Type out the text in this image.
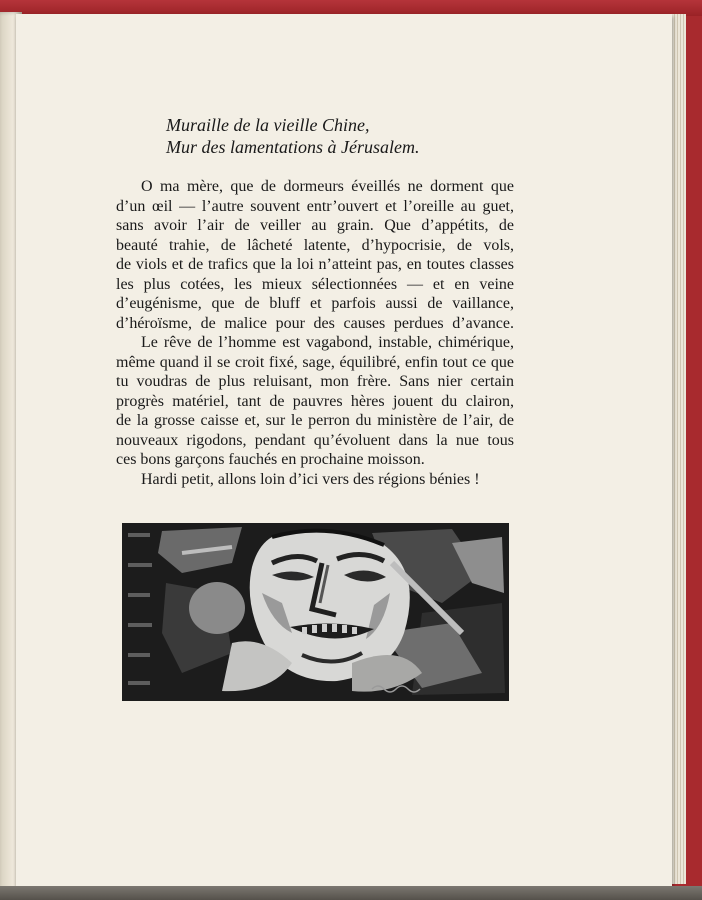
Muraille de la vieille Chine,
Mur des lamentations à Jérusalem.
O ma mère, que de dormeurs éveillés ne dorment que
d’un œil — l’autre souvent entr’ouvert et l’oreille au guet,
sans avoir l’air de veiller au grain. Que d’appétits, de
beauté trahie, de lâcheté latente, d’hypocrisie, de vols,
de viols et de trafics que la loi n’atteint pas, en toutes classes
les plus cotées, les mieux sélectionnées — et en veine
d’eugénisme, que de bluff et parfois aussi de vaillance,
d’héroïsme, de malice pour des causes perdues d’avance.
Le rêve de l’homme est vagabond, instable, chimérique,
même quand il se croit fixé, sage, équilibré, enfin tout ce que
tu voudras de plus reluisant, mon frère. Sans nier certain
progrès matériel, tant de pauvres hères jouent du clairon,
de la grosse caisse et, sur le perron du ministère de l’air, de
nouveaux rigodons, pendant qu’évoluent dans la nue tous
ces bons garçons fauchés en prochaine moisson.
Hardi petit, allons loin d’ici vers des régions bénies !
